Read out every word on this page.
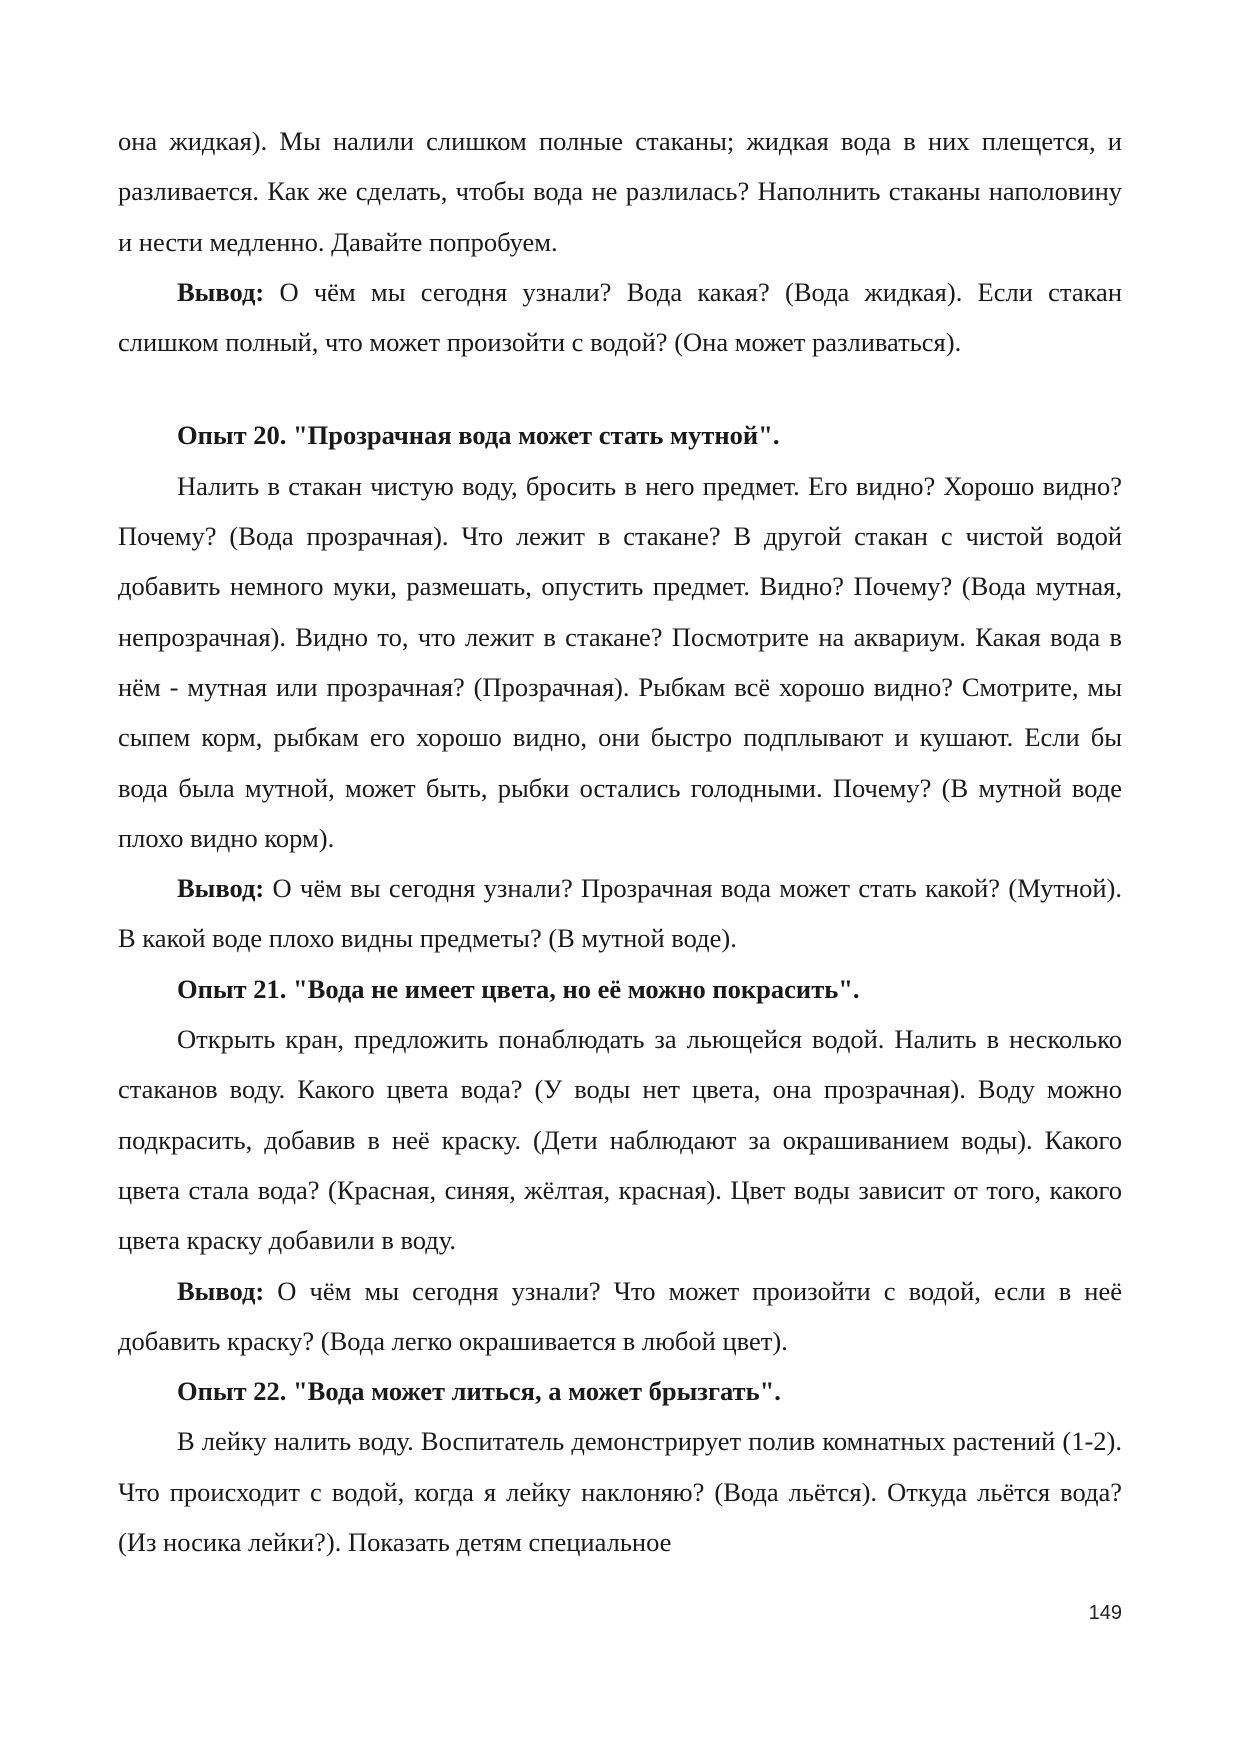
она жидкая). Мы налили слишком полные стаканы; жидкая вода в них плещется, и разливается. Как же сделать, чтобы вода не разлилась? Наполнить стаканы наполовину и нести медленно. Давайте попробуем.

Вывод: О чём мы сегодня узнали? Вода какая? (Вода жидкая). Если стакан слишком полный, что может произойти с водой? (Она может разливаться).

Опыт 20. "Прозрачная вода может стать мутной".

Налить в стакан чистую воду, бросить в него предмет. Его видно? Хорошо видно? Почему? (Вода прозрачная). Что лежит в стакане? В другой стакан с чистой водой добавить немного муки, размешать, опустить предмет. Видно? Почему? (Вода мутная, непрозрачная). Видно то, что лежит в стакане? Посмотрите на аквариум. Какая вода в нём - мутная или прозрачная? (Прозрачная). Рыбкам всё хорошо видно? Смотрите, мы сыпем корм, рыбкам его хорошо видно, они быстро подплывают и кушают. Если бы вода была мутной, может быть, рыбки остались голодными. Почему? (В мутной воде плохо видно корм).

Вывод: О чём вы сегодня узнали? Прозрачная вода может стать какой? (Мутной). В какой воде плохо видны предметы? (В мутной воде).

Опыт 21. "Вода не имеет цвета, но её можно покрасить".

Открыть кран, предложить понаблюдать за льющейся водой. Налить в несколько стаканов воду. Какого цвета вода? (У воды нет цвета, она прозрачная). Воду можно подкрасить, добавив в неё краску. (Дети наблюдают за окрашиванием воды). Какого цвета стала вода? (Красная, синяя, жёлтая, красная). Цвет воды зависит от того, какого цвета краску добавили в воду.

Вывод: О чём мы сегодня узнали? Что может произойти с водой, если в неё добавить краску? (Вода легко окрашивается в любой цвет).

Опыт 22. "Вода может литься, а может брызгать".

В лейку налить воду. Воспитатель демонстрирует полив комнатных растений (1-2). Что происходит с водой, когда я лейку наклоняю? (Вода льётся). Откуда льётся вода? (Из носика лейки?). Показать детям специальное

149
